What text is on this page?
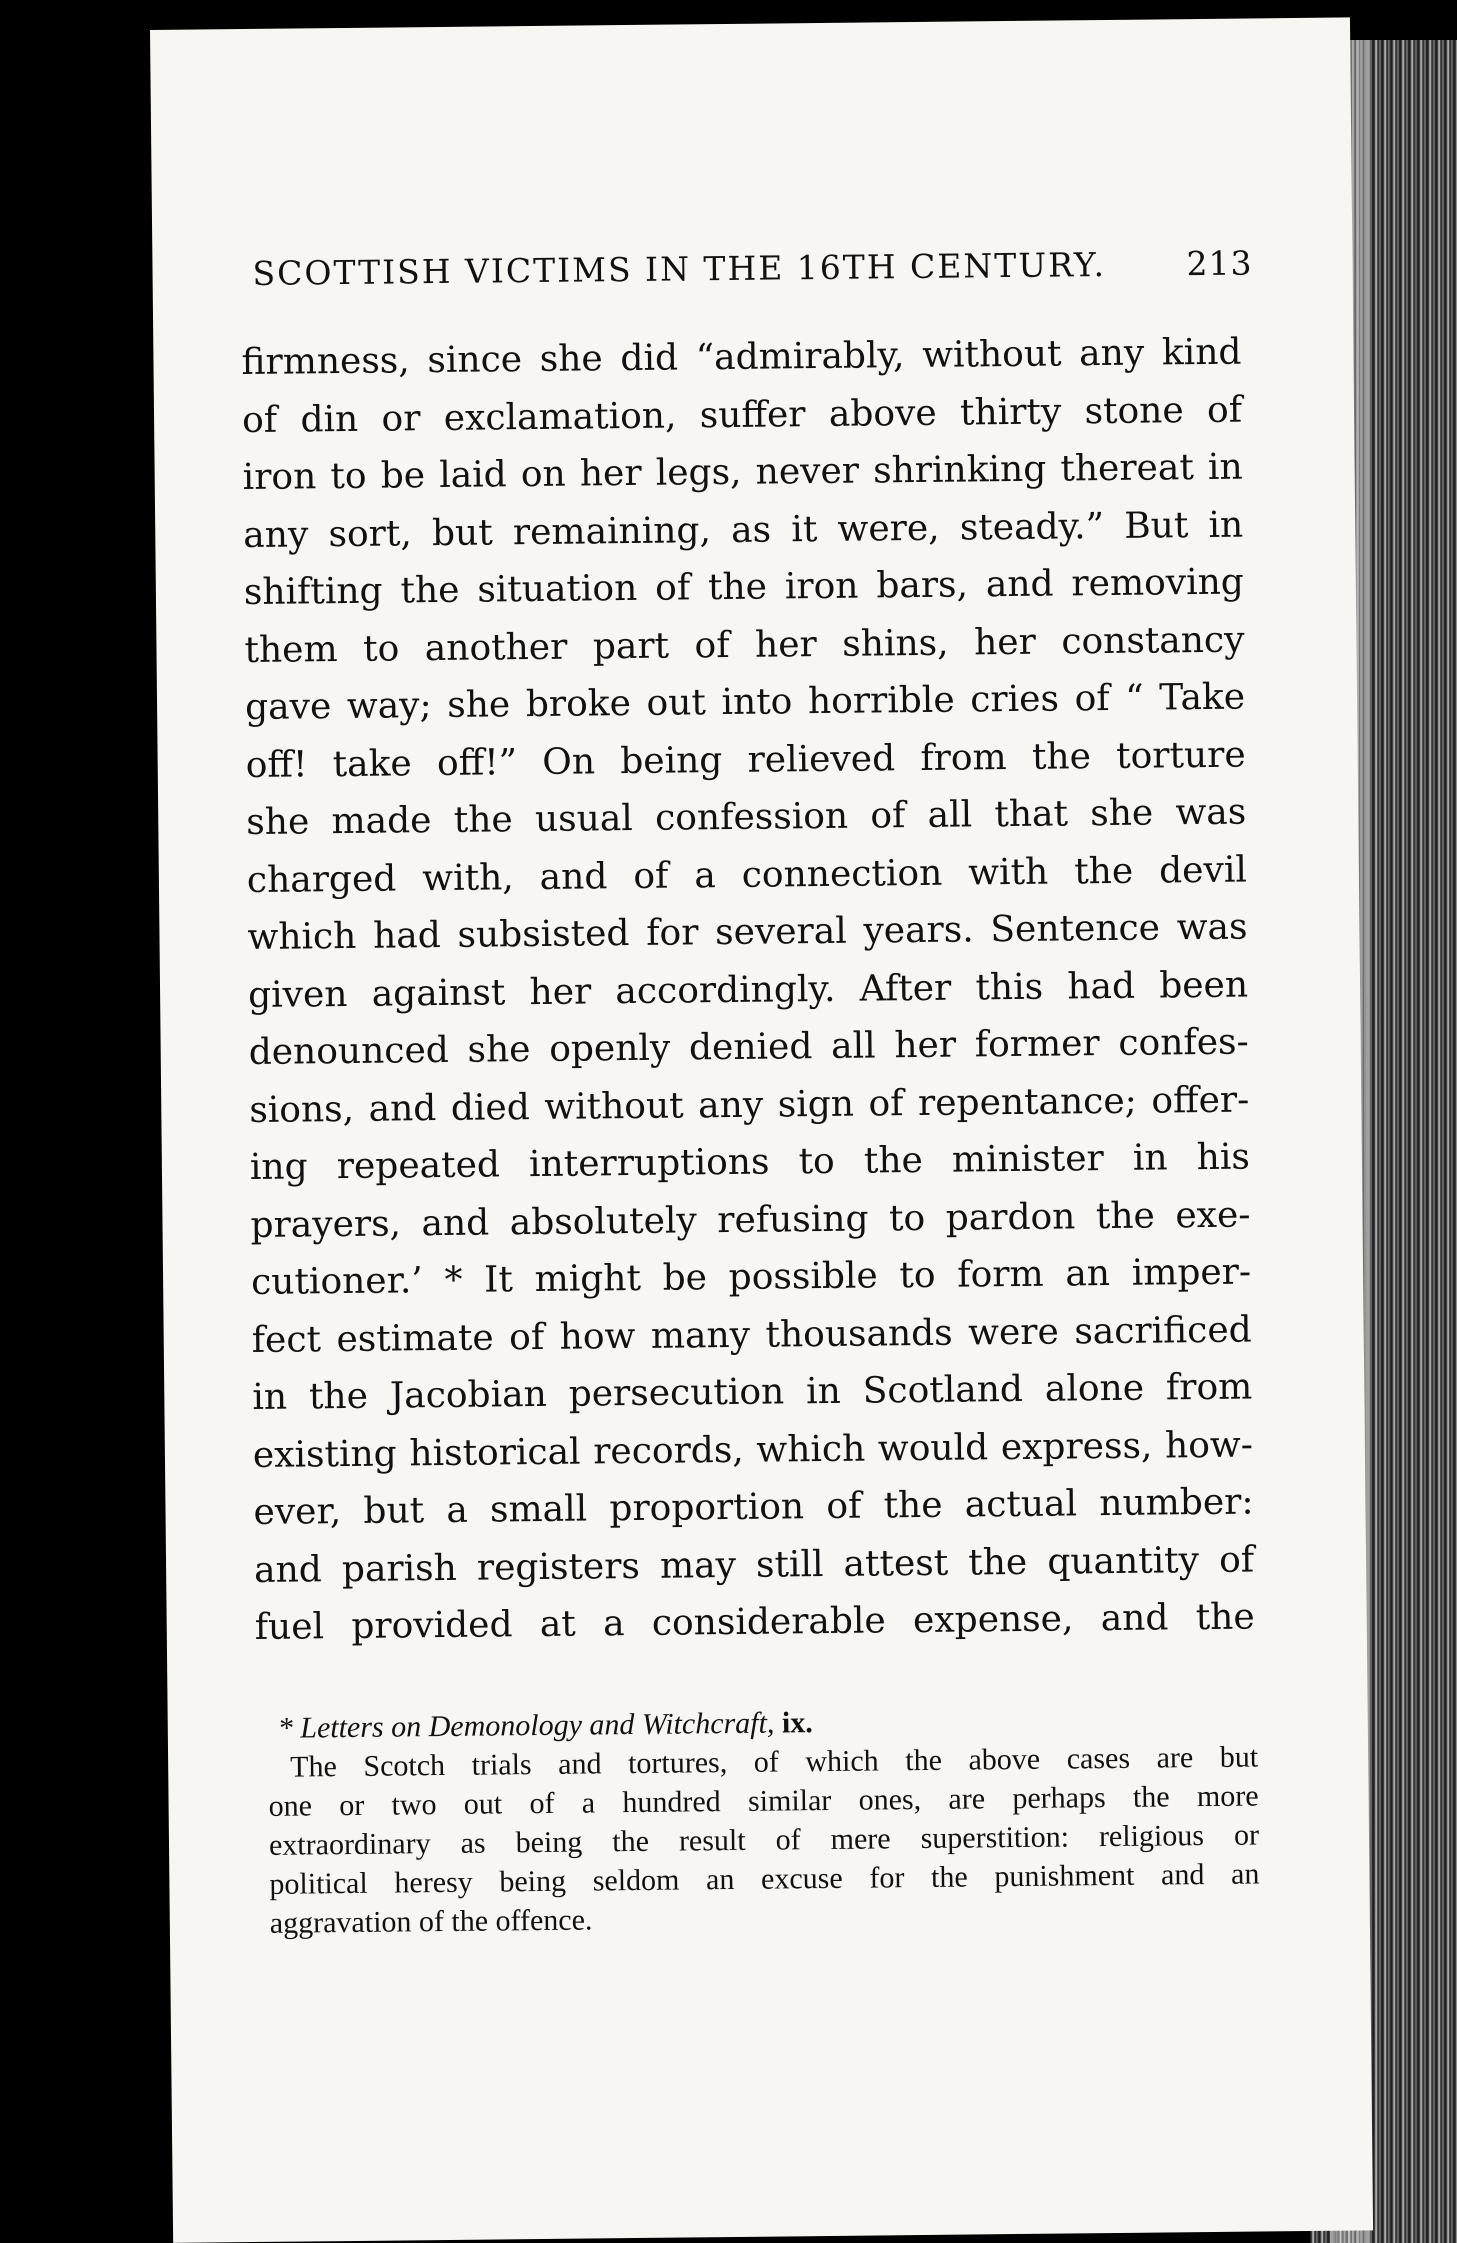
SCOTTISH VICTIMS IN THE 16TH CENTURY. 213
firmness, since she did “admirably, without any kind
of din or exclamation, suffer above thirty stone of
iron to be laid on her legs, never shrinking thereat in
any sort, but remaining, as it were, steady.” But in
shifting the situation of the iron bars, and removing
them to another part of her shins, her constancy
gave way; she broke out into horrible cries of “ Take
off! take off!” On being relieved from the torture
she made the usual confession of all that she was
charged with, and of a connection with the devil
which had subsisted for several years. Sentence was
given against her accordingly. After this had been
denounced she openly denied all her former confes-
sions, and died without any sign of repentance; offer-
ing repeated interruptions to the minister in his
prayers, and absolutely refusing to pardon the exe-
cutioner.’ * It might be possible to form an imper-
fect estimate of how many thousands were sacrificed
in the Jacobian persecution in Scotland alone from
existing historical records, which would express, how-
ever, but a small proportion of the actual number:
and parish registers may still attest the quantity of
fuel provided at a considerable expense, and the
* Letters on Demonology and Witchcraft, ix.
The Scotch trials and tortures, of which the above cases are but
one or two out of a hundred similar ones, are perhaps the more
extraordinary as being the result of mere superstition: religious or
political heresy being seldom an excuse for the punishment and an
aggravation of the offence.
